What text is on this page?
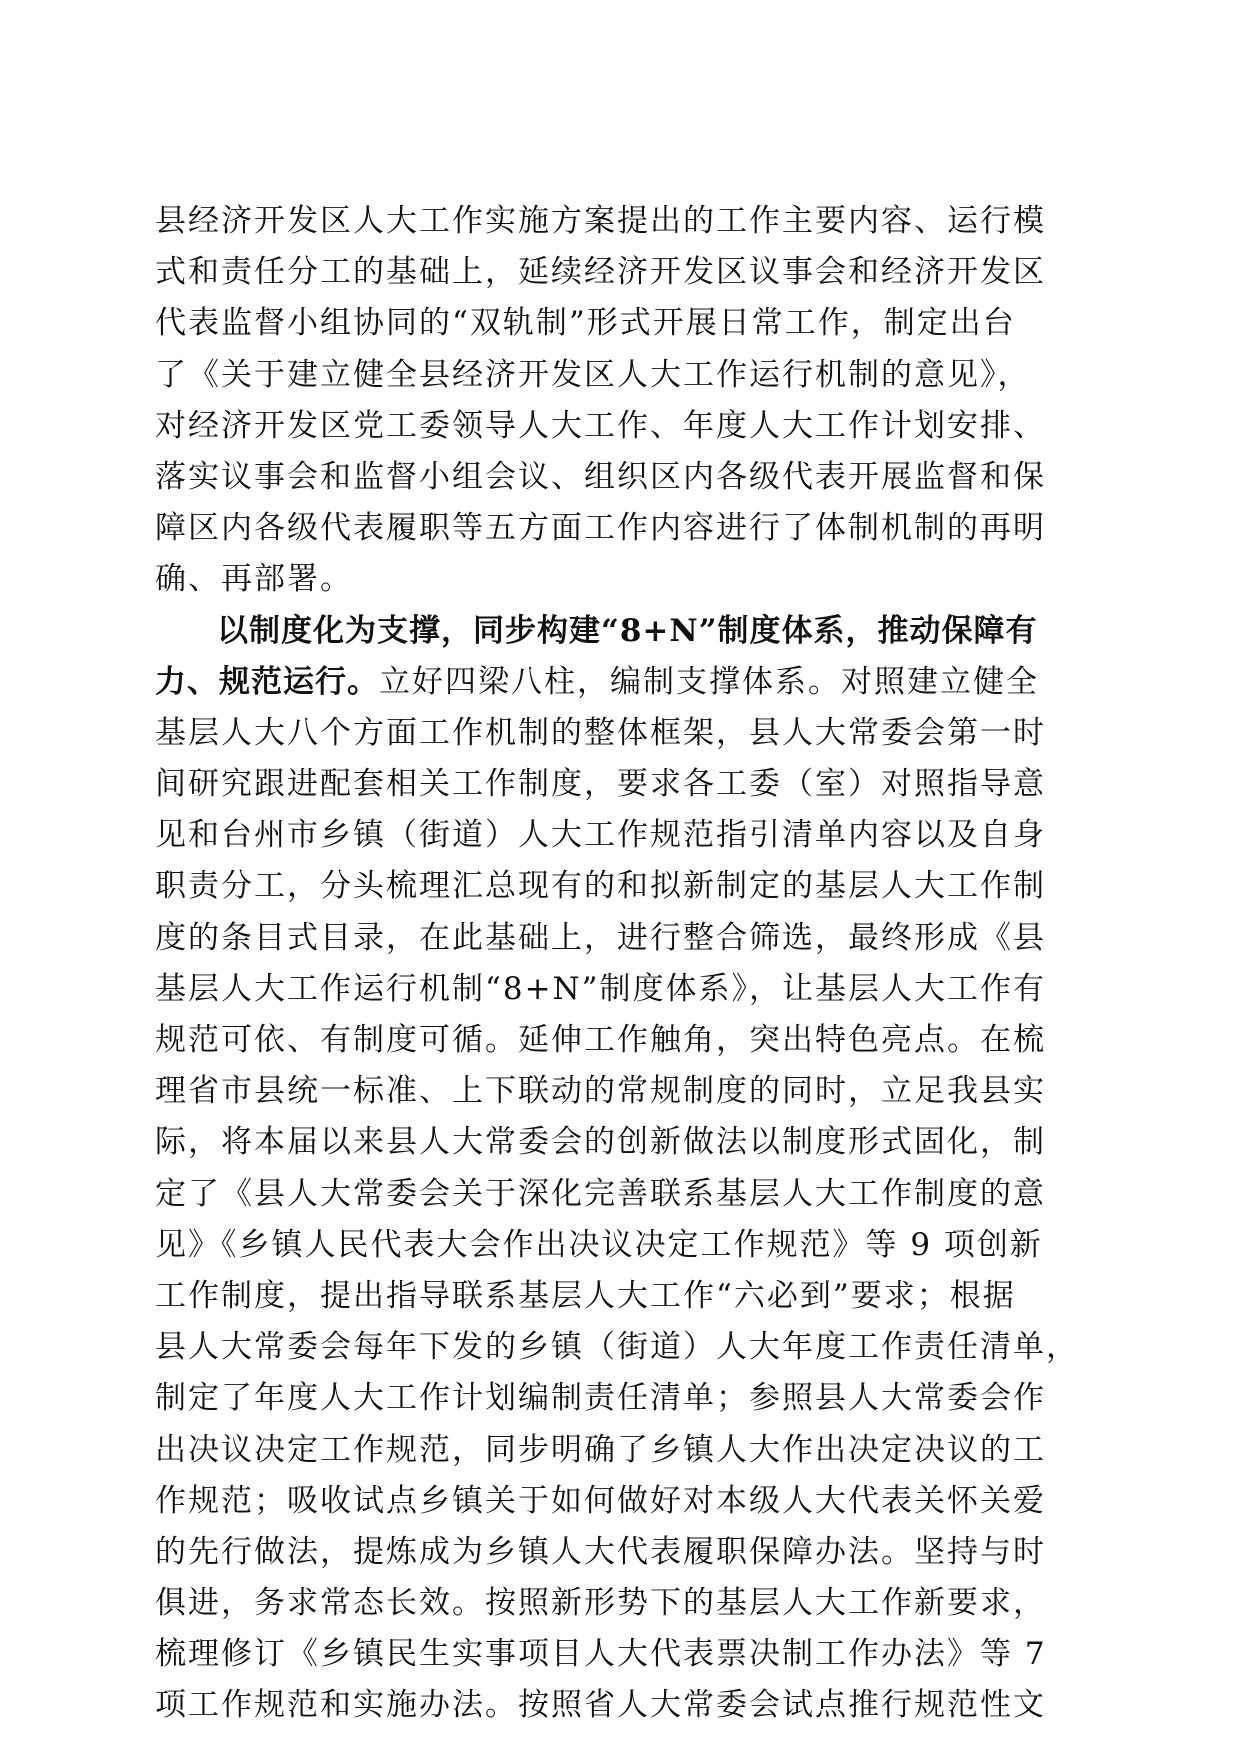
县经济开发区人大工作实施方案提出的工作主要内容、运行模
式和责任分工的基础上，延续经济开发区议事会和经济开发区
代表监督小组协同的“双轨制”形式开展日常工作，制定出台
了《关于建立健全县经济开发区人大工作运行机制的意见》，
对经济开发区党工委领导人大工作、年度人大工作计划安排、
落实议事会和监督小组会议、组织区内各级代表开展监督和保
障区内各级代表履职等五方面工作内容进行了体制机制的再明
确、再部署。
以制度化为支撑，同步构建“8+N”制度体系，推动保障有
力、规范运行。立好四梁八柱，编制支撑体系。对照建立健全
基层人大八个方面工作机制的整体框架，县人大常委会第一时
间研究跟进配套相关工作制度，要求各工委（室）对照指导意
见和台州市乡镇（街道）人大工作规范指引清单内容以及自身
职责分工，分头梳理汇总现有的和拟新制定的基层人大工作制
度的条目式目录，在此基础上，进行整合筛选，最终形成《县
基层人大工作运行机制“8+N”制度体系》，让基层人大工作有
规范可依、有制度可循。延伸工作触角，突出特色亮点。在梳
理省市县统一标准、上下联动的常规制度的同时，立足我县实
际，将本届以来县人大常委会的创新做法以制度形式固化，制
定了《县人大常委会关于深化完善联系基层人大工作制度的意
见》《乡镇人民代表大会作出决议决定工作规范》等 9 项创新
工作制度，提出指导联系基层人大工作“六必到”要求；根据
县人大常委会每年下发的乡镇（街道）人大年度工作责任清单，
制定了年度人大工作计划编制责任清单；参照县人大常委会作
出决议决定工作规范，同步明确了乡镇人大作出决定决议的工
作规范；吸收试点乡镇关于如何做好对本级人大代表关怀关爱
的先行做法，提炼成为乡镇人大代表履职保障办法。坚持与时
俱进，务求常态长效。按照新形势下的基层人大工作新要求，
梳理修订《乡镇民生实事项目人大代表票决制工作办法》等 7
项工作规范和实施办法。按照省人大常委会试点推行规范性文
